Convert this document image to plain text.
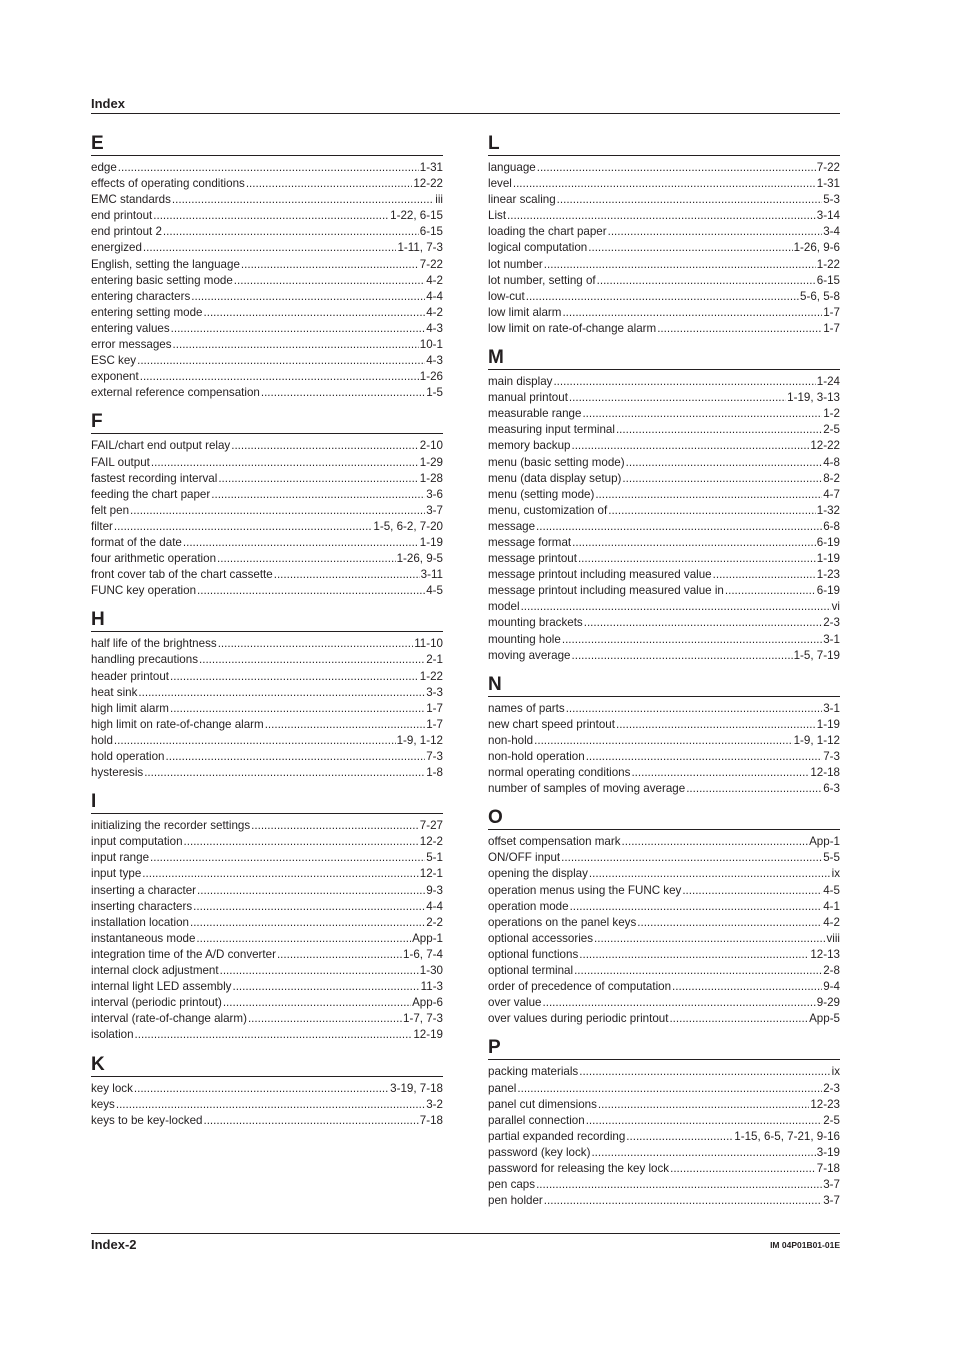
Index
E
edge .....	1-31
effects of operating conditions .....	12-22
EMC standards .....	iii
end printout .....	1-22, 6-15
end printout 2 .....	6-15
energized .....	1-11, 7-3
English, setting the language .....	7-22
entering basic setting mode .....	4-2
entering characters .....	4-4
entering setting mode .....	4-2
entering values .....	4-3
error messages .....	10-1
ESC key .....	4-3
exponent .....	1-26
external reference compensation .....	1-5
F
FAIL/chart end output relay .....	2-10
FAIL output .....	1-29
fastest recording interval .....	1-28
feeding the chart paper .....	3-6
felt pen .....	3-7
filter .....	1-5, 6-2, 7-20
format of the date .....	1-19
four arithmetic operation .....	1-26, 9-5
front cover tab of the chart cassette .....	3-11
FUNC key operation .....	4-5
H
half life of the brightness .....	11-10
handling precautions .....	2-1
header printout .....	1-22
heat sink .....	3-3
high limit alarm .....	1-7
high limit on rate-of-change alarm .....	1-7
hold .....	1-9, 1-12
hold operation .....	7-3
hysteresis .....	1-8
I
initializing the recorder settings .....	7-27
input computation .....	12-2
input range .....	5-1
input type .....	12-1
inserting a character .....	9-3
inserting characters .....	4-4
installation location .....	2-2
instantaneous mode .....	App-1
integration time of the A/D converter .....	1-6, 7-4
internal clock adjustment .....	1-30
internal light LED assembly .....	11-3
interval (periodic printout) .....	App-6
interval (rate-of-change alarm) .....	1-7, 7-3
isolation .....	12-19
K
key lock .....	3-19, 7-18
keys .....	3-2
keys to be key-locked .....	7-18
L
language .....	7-22
level .....	1-31
linear scaling .....	5-3
List .....	3-14
loading the chart paper .....	3-4
logical computation .....	1-26, 9-6
lot number .....	1-22
lot number, setting of .....	6-15
low-cut .....	5-6, 5-8
low limit alarm .....	1-7
low limit on rate-of-change alarm .....	1-7
M
main display .....	1-24
manual printout .....	1-19, 3-13
measurable range .....	1-2
measuring input terminal .....	2-5
memory backup .....	12-22
menu (basic setting mode) .....	4-8
menu (data display setup) .....	8-2
menu (setting mode) .....	4-7
menu, customization of .....	1-32
message .....	6-8
message format .....	6-19
message printout .....	1-19
message printout including measured value .....	1-23
message printout including measured value in .....	6-19
model .....	vi
mounting brackets .....	2-3
mounting hole .....	3-1
moving average .....	1-5, 7-19
N
names of parts .....	3-1
new chart speed printout .....	1-19
non-hold .....	1-9, 1-12
non-hold operation .....	7-3
normal operating conditions .....	12-18
number of samples of moving average .....	6-3
O
offset compensation mark .....	App-1
ON/OFF input .....	5-5
opening the display .....	ix
operation menus using the FUNC key .....	4-5
operation mode .....	4-1
operations on the panel keys .....	4-2
optional accessories .....	viii
optional functions .....	12-13
optional terminal .....	2-8
order of precedence of computation .....	9-4
over value .....	9-29
over values during periodic printout .....	App-5
P
packing materials .....	ix
panel .....	2-3
panel cut dimensions .....	12-23
parallel connection .....	2-5
partial expanded recording .....	1-15, 6-5, 7-21, 9-16
password (key lock) .....	3-19
password for releasing the key lock .....	7-18
pen caps .....	3-7
pen holder .....	3-7
Index-2	IM 04P01B01-01E
